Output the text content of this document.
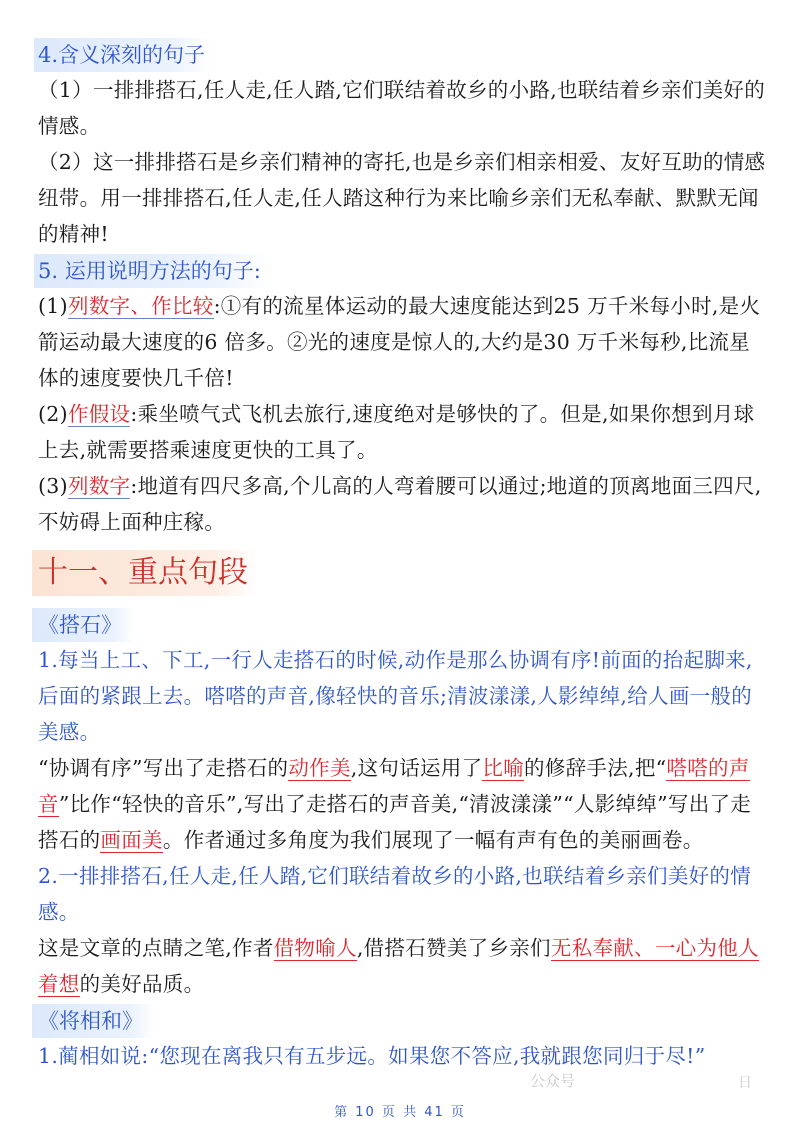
4.含义深刻的句子

（1）一排排搭石,任人走,任人踏,它们联结着故乡的小路,也联结着乡亲们美好的情感。

（2）这一排排搭石是乡亲们精神的寄托,也是乡亲们相亲相爱、友好互助的情感纽带。用一排排搭石,任人走,任人踏这种行为来比喻乡亲们无私奉献、默默无闻的精神!

5. 运用说明方法的句子:

(1)列数字、作比较:①有的流星体运动的最大速度能达到25 万千米每小时,是火箭运动最大速度的6 倍多。②光的速度是惊人的,大约是30 万千米每秒,比流星体的速度要快几千倍!

(2)作假设:乘坐喷气式飞机去旅行,速度绝对是够快的了。但是,如果你想到月球上去,就需要搭乘速度更快的工具了。

(3)列数字:地道有四尺多高,个儿高的人弯着腰可以通过;地道的顶离地面三四尺,不妨碍上面种庄稼。

十一、重点句段
《搭石》

1.每当上工、下工,一行人走搭石的时候,动作是那么协调有序!前面的抬起脚来,后面的紧跟上去。嗒嗒的声音,像轻快的音乐;清波漾漾,人影绰绰,给人画一般的美感。

“协调有序”写出了走搭石的动作美,这句话运用了比喻的修辞手法,把“嗒嗒的声音”比作“轻快的音乐”,写出了走搭石的声音美,“清波漾漾”“人影绰绰”写出了走搭石的画面美。作者通过多角度为我们展现了一幅有声有色的美丽画卷。

2.一排排搭石,任人走,任人踏,它们联结着故乡的小路,也联结着乡亲们美好的情感。

这是文章的点睛之笔,作者借物喻人,借搭石赞美了乡亲们无私奉献、一心为他人着想的美好品质。

《将相和》

1.蔺相如说:“您现在离我只有五步远。如果您不答应,我就跟您同归于尽!”

公众号	日
第 10 页 共 41 页
